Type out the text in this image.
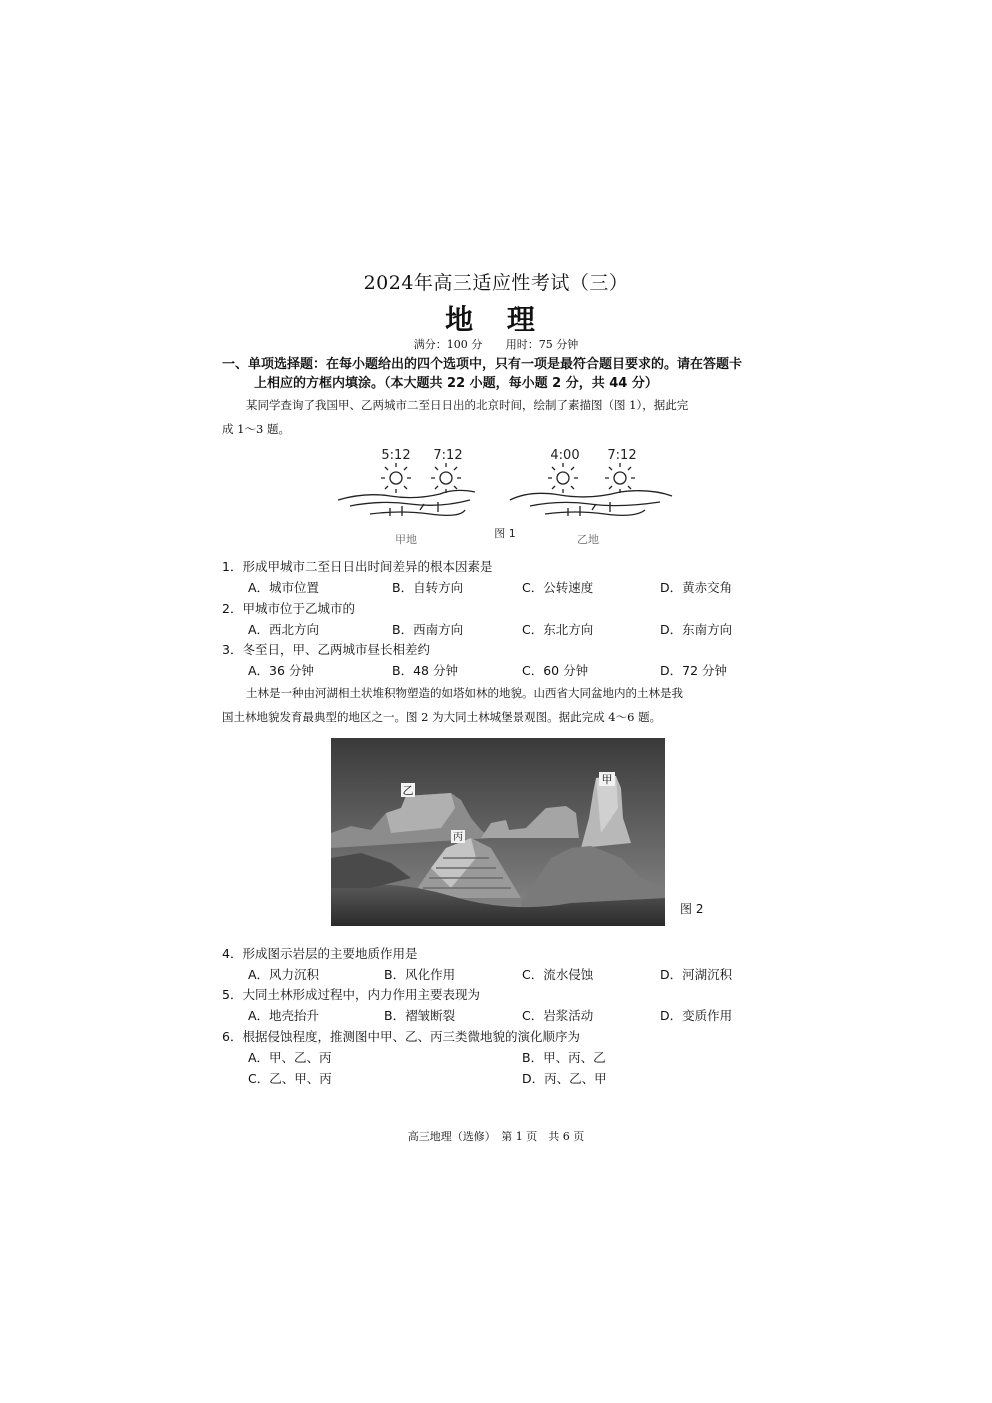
2024年高三适应性考试（三）
地 理
满分：100 分 用时：75 分钟
一、单项选择题：在每小题给出的四个选项中，只有一项是最符合题目要求的。请在答题卡
上相应的方框内填涂。（本大题共 22 小题，每小题 2 分，共 44 分）
某同学查询了我国甲、乙两城市二至日日出的北京时间，绘制了素描图（图 1），据此完
成 1～3 题。
5:12 7:12	4:00 7:12
图 1
甲地	乙地
1．形成甲城市二至日日出时间差异的根本因素是
A．城市位置	B．自转方向	C．公转速度	D．黄赤交角
2．甲城市位于乙城市的
A．西北方向	B．西南方向	C．东北方向	D．东南方向
3．冬至日，甲、乙两城市昼长相差约
A．36 分钟	B．48 分钟	C．60 分钟	D．72 分钟
土林是一种由河湖相土状堆积物塑造的如塔如林的地貌。山西省大同盆地内的土林是我
国土林地貌发育最典型的地区之一。图 2 为大同土林城堡景观图。据此完成 4～6 题。
乙
甲
丙
图 2
4．形成图示岩层的主要地质作用是
A．风力沉积	B．风化作用	C．流水侵蚀	D．河湖沉积
5．大同土林形成过程中，内力作用主要表现为
A．地壳抬升	B．褶皱断裂	C．岩浆活动	D．变质作用
6．根据侵蚀程度，推测图中甲、乙、丙三类微地貌的演化顺序为
A．甲、乙、丙	B．甲、丙、乙
C．乙、甲、丙	D．丙、乙、甲
高三地理（选修）　第 1 页　共 6 页
